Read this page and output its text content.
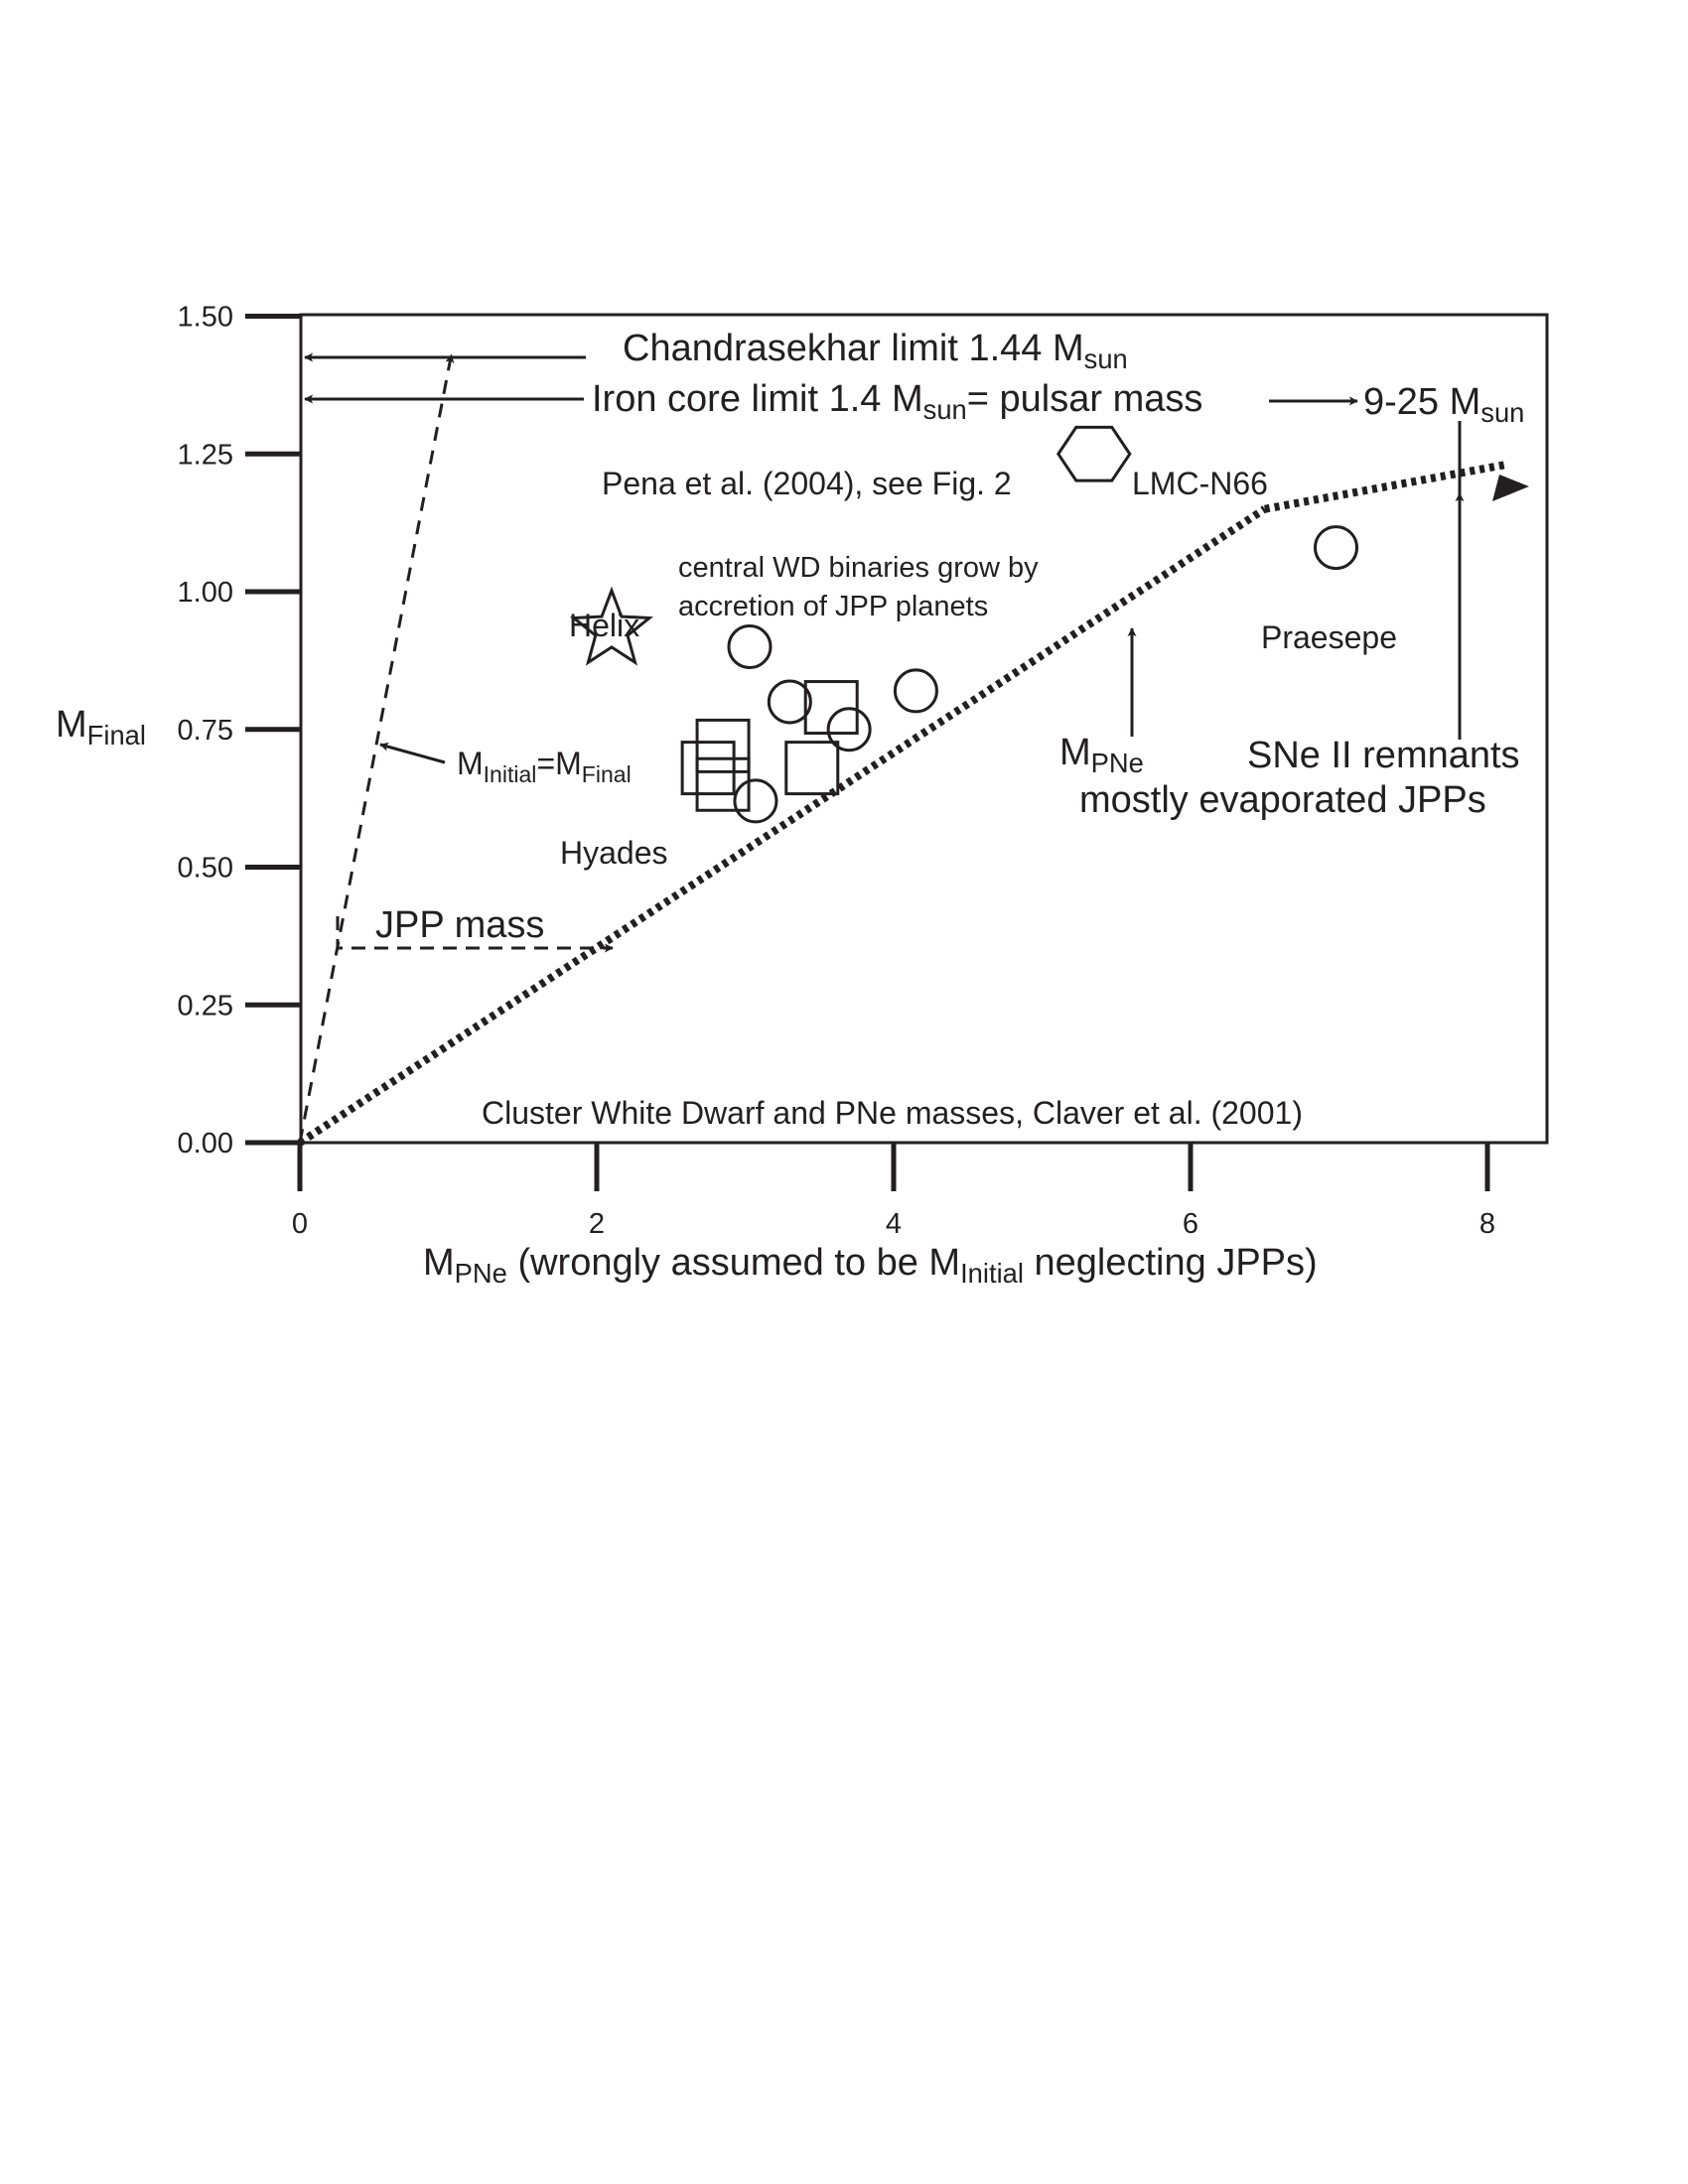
0.00
0.25
0.50
0.75
1.00
1.25
1.50
0	2	4	6	8
Chandrasekhar limit 1.44 $M_{sun}$
Iron core limit 1.4 $M_{sun}=$ pulsar mass	9-25 $M_{sun}$
Pena et al. (2004), see Fig. 2	LMC-N66
central WD binaries grow by
accretion of JPP planets
Helix	Praesepe
$M_{Initial}=M_{Final}$
$M_{PNe}$	SNe II remnants
mostly evaporated JPPs
Hyades
JPP mass
Cluster White Dwarf and PNe masses, Claver et al. (2001)
$M_{Final}$
$M_{PNe}$ (wrongly assumed to be $M_{Initial}$ neglecting JPPs)
